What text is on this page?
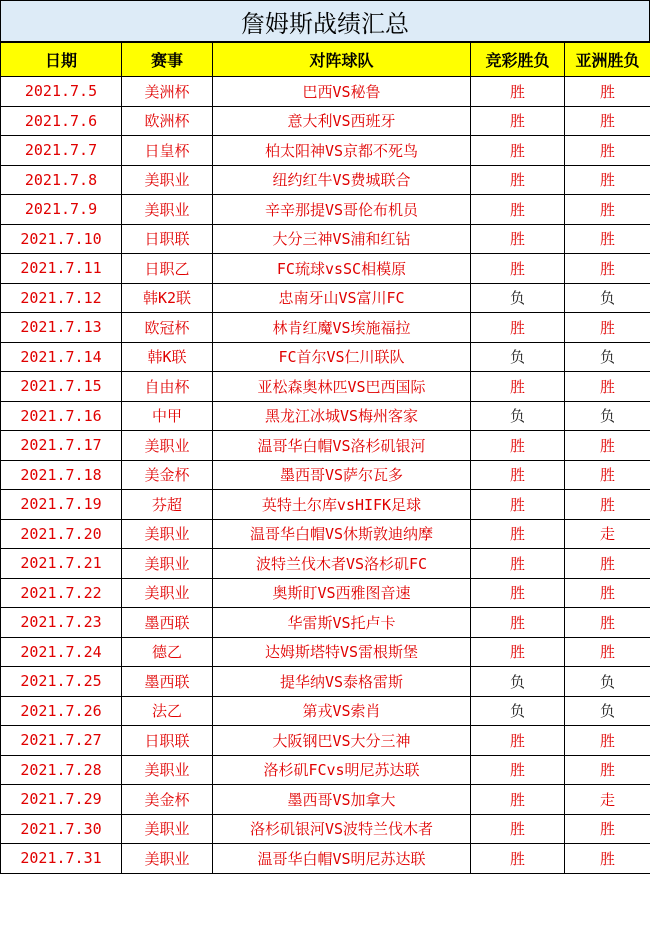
詹姆斯战绩汇总
日期	赛事	对阵球队	竞彩胜负	亚洲胜负
2021.7.5	美洲杯	巴西VS秘鲁	胜	胜
2021.7.6	欧洲杯	意大利VS西班牙	胜	胜
2021.7.7	日皇杯	柏太阳神VS京都不死鸟	胜	胜
2021.7.8	美职业	纽约红牛VS费城联合	胜	胜
2021.7.9	美职业	辛辛那提VS哥伦布机员	胜	胜
2021.7.10	日职联	大分三神VS浦和红钻	胜	胜
2021.7.11	日职乙	FC琉球vsSC相模原	胜	胜
2021.7.12	韩K2联	忠南牙山VS富川FC	负	负
2021.7.13	欧冠杯	林肯红魔VS埃施福拉	胜	胜
2021.7.14	韩K联	FC首尔VS仁川联队	负	负
2021.7.15	自由杯	亚松森奥林匹VS巴西国际	胜	胜
2021.7.16	中甲	黑龙江冰城VS梅州客家	负	负
2021.7.17	美职业	温哥华白帽VS洛杉矶银河	胜	胜
2021.7.18	美金杯	墨西哥VS萨尔瓦多	胜	胜
2021.7.19	芬超	英特土尔库vsHIFK足球	胜	胜
2021.7.20	美职业	温哥华白帽VS休斯敦迪纳摩	胜	走
2021.7.21	美职业	波特兰伐木者VS洛杉矶FC	胜	胜
2021.7.22	美职业	奥斯盯VS西雅图音速	胜	胜
2021.7.23	墨西联	华雷斯VS托卢卡	胜	胜
2021.7.24	德乙	达姆斯塔特VS雷根斯堡	胜	胜
2021.7.25	墨西联	提华纳VS泰格雷斯	负	负
2021.7.26	法乙	第戎VS索肖	负	负
2021.7.27	日职联	大阪钢巴VS大分三神	胜	胜
2021.7.28	美职业	洛杉矶FCvs明尼苏达联	胜	胜
2021.7.29	美金杯	墨西哥VS加拿大	胜	走
2021.7.30	美职业	洛杉矶银河VS波特兰伐木者	胜	胜
2021.7.31	美职业	温哥华白帽VS明尼苏达联	胜	胜
